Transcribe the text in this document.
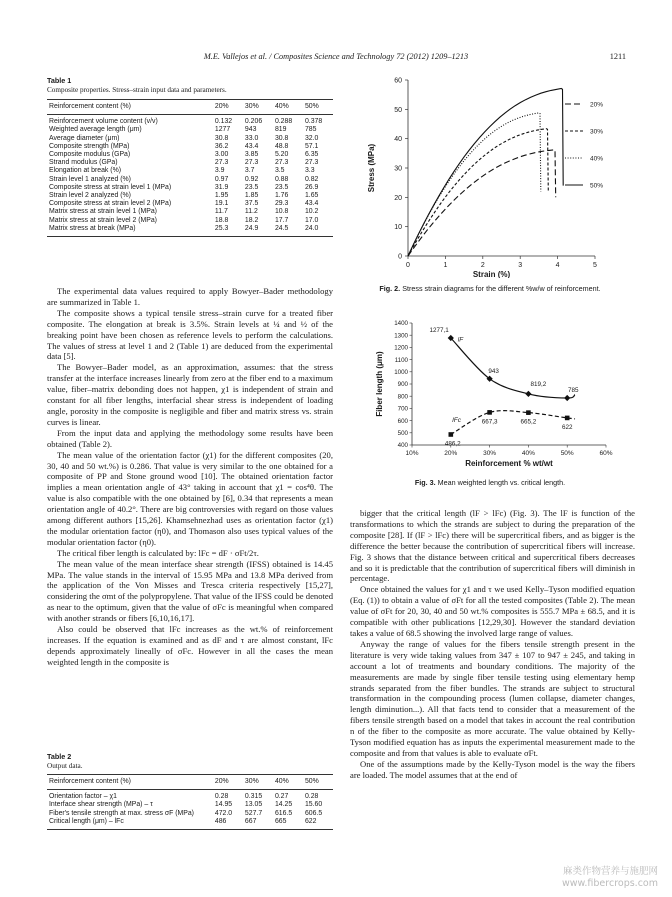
M.E. Vallejos et al. / Composites Science and Technology 72 (2012) 1209–1213	1211
Table 1
Composite properties. Stress–strain input data and parameters.
Reinforcement content (%)	20%	30%	40%	50%
Reinforcement volume content (v/v)	0.132	0.206	0.288	0.378
Weighted average length (μm)	1277	943	819	785
Average diameter (μm)	30.8	33.0	30.8	32.0
Composite strength (MPa)	36.2	43.4	48.8	57.1
Composite modulus (GPa)	3.00	3.85	5.20	6.35
Strand modulus (GPa)	27.3	27.3	27.3	27.3
Elongation at break (%)	3.9	3.7	3.5	3.3
Strain level 1 analyzed (%)	0.97	0.92	0.88	0.82
Composite stress at strain level 1 (MPa)	31.9	23.5	23.5	26.9
Strain level 2 analyzed (%)	1.95	1.85	1.76	1.65
Composite stress at strain level 2 (MPa)	19.1	37.5	29.3	43.4
Matrix stress at strain level 1 (MPa)	11.7	11.2	10.8	10.2
Matrix stress at strain level 2 (MPa)	18.8	18.2	17.7	17.0
Matrix stress at break (MPa)	25.3	24.9	24.5	24.0

The experimental data values required to apply Bowyer–Bader methodology are summarized in Table 1.

The composite shows a typical tensile stress–strain curve for a treated fiber composite. The elongation at break is 3.5%. Strain levels at ¼ and ½ of the breaking point have been chosen as reference levels to perform the calculations. The values of stress at level 1 and 2 (Table 1) are deduced from the experimental data [5].

The Bowyer–Bader model, as an approximation, assumes: that the stress transfer at the interface increases linearly from zero at the fiber end to a maximum value, fiber–matrix debonding does not happen, χ1 is independent of strain and constant for all fiber lengths, interfacial shear stress is independent of loading angle, porosity in the composite is negligible and fiber and matrix stress vs. strain curves is linear.

From the input data and applying the methodology some results have been obtained (Table 2).

The mean value of the orientation factor (χ1) for the different composites (20, 30, 40 and 50 wt.%) is 0.286. That value is very similar to the one obtained for a composite of PP and Stone ground wood [10]. The obtained orientation factor implies a mean orientation angle of 43° taking in account that χ1 = cos⁴θ. The value is also compatible with the one obtained by [6], 0.34 that represents a mean orientation angle of 40.2°. There are big controversies with regard on those values among different authors [15,26]. Khamsehnezhad uses as orientation factor (χ1) the modular orientation factor (η0), and Thomason also uses typical values of the modular orientation factor (η0).

The critical fiber length is calculated by: lFc = dF · σFt/2τ.

The mean value of the mean interface shear strength (IFSS) obtained is 14.45 MPa. The value stands in the interval of 15.95 MPa and 13.8 MPa derived from the application of the Von Misses and Tresca criteria respectively [15,27], considering the σmt of the polypropylene. That value of the IFSS could be denoted as near to the optimum, given that the value of σFc is meaningful when compared with another strands or fibers [6,10,16,17].

Also could be observed that lFc increases as the wt.% of reinforcement increases. If the equation is examined and as dF and τ are almost constant, lFc depends approximately lineally of σFc. However in all the cases the mean weighted length in the composite is

Table 2
Output data.
Reinforcement content (%)	20%	30%	40%	50%
Orientation factor – χ1	0.28	0.315	0.27	0.28
Interface shear strength (MPa) – τ	14.95	13.05	14.25	15.60
Fiber's tensile strength at max. stress σF (MPa)	472.0	527.7	616.5	606.5
Critical length (μm) – lFc	486	667	665	622
0
10
20
30
40
50
60
0	1	2	3	4	5
Strain (%)
Stress (MPa)
20%
30%
40%
50%
Fig. 2. Stress strain diagrams for the different %w/w of reinforcement.
400
500
600
700
800
900
1000
1100
1200
1300
1400
10%	20%	30%	40%	50%	60%
Reinforcement % wt/wt
Fiber length (μm)
1277,1
943
819,2
785
486,2
667,3	665,2
622
lF
lFc
Fig. 3. Mean weighted length vs. critical length.

bigger that the critical length (lF > lFc) (Fig. 3). The lF is function of the transformations to which the strands are subject to during the preparation of the composite [28]. If (lF > lFc) there will be supercritical fibers, and as bigger is the difference the better because the contribution of supercritical fibers will increase. Fig. 3 shows that the distance between critical and supercritical fibers decreases and so it is predictable that the contribution of supercritical fibers will diminish in percentage.

Once obtained the values for χ1 and τ we used Kelly–Tyson modified equation (Eq. (1)) to obtain a value of σFt for all the tested composites (Table 2). The mean value of σFt for 20, 30, 40 and 50 wt.% composites is 555.7 MPa ± 68.5, and it is compatible with other publications [12,29,30]. However the standard deviation takes a value of 68.5 showing the involved large range of values.

Anyway the range of values for the fibers tensile strength present in the literature is very wide taking values from 347 ± 107 to 947 ± 245, and taking in account a lot of treatments and boundary conditions. The majority of the measurements are made by single fiber tensile testing using elementary hemp strands separated from the fiber bundles. The strands are subject to structural transformation in the compounding process (lumen collapse, diameter changes, length diminution...). All that facts tend to consider that a measurement of the fibers tensile strength based on a model that takes in account the real contribution n of the fiber to the composite as more accurate. The value obtained by Kelly-Tyson modified equation has as inputs the experimental measurement made to the composite and from that values is able to evaluate σFt.

One of the assumptions made by the Kelly-Tyson model is the way the fibers are loaded. The model assumes that at the end of

麻类作物营养与施肥网
www.fibercrops.com
